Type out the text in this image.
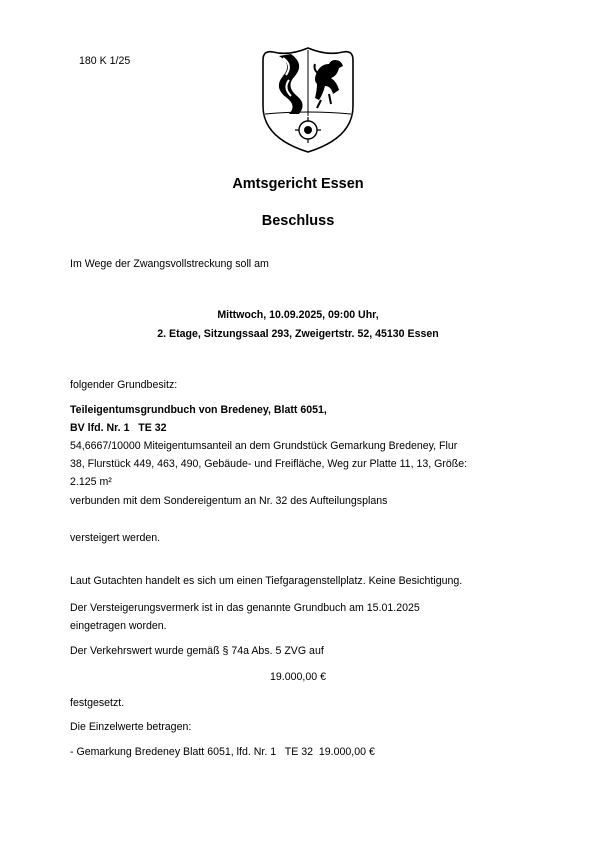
180 K 1/25
Amtsgericht Essen
Beschluss
Im Wege der Zwangsvollstreckung soll am
Mittwoch, 10.09.2025, 09:00 Uhr,
2. Etage, Sitzungssaal 293, Zweigertstr. 52, 45130 Essen
folgender Grundbesitz:
Teileigentumsgrundbuch von Bredeney, Blatt 6051,
BV lfd. Nr. 1   TE 32
54,6667/10000 Miteigentumsanteil an dem Grundstück Gemarkung Bredeney, Flur
38, Flurstück 449, 463, 490, Gebäude- und Freifläche, Weg zur Platte 11, 13, Größe:
2.125 m²
verbunden mit dem Sondereigentum an Nr. 32 des Aufteilungsplans
versteigert werden.
Laut Gutachten handelt es sich um einen Tiefgaragenstellplatz. Keine Besichtigung.
Der Versteigerungsvermerk ist in das genannte Grundbuch am 15.01.2025
eingetragen worden.
Der Verkehrswert wurde gemäß § 74a Abs. 5 ZVG auf
19.000,00 €
festgesetzt.
Die Einzelwerte betragen:
- Gemarkung Bredeney Blatt 6051, lfd. Nr. 1   TE 32  19.000,00 €
